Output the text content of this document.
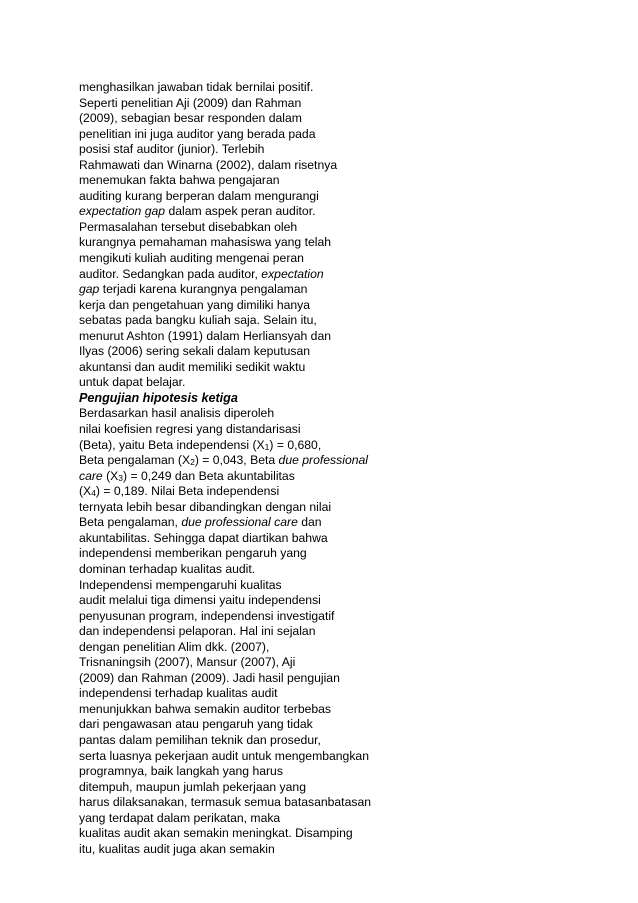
menghasilkan jawaban tidak bernilai positif.
Seperti penelitian Aji (2009) dan Rahman
(2009), sebagian besar responden dalam
penelitian ini juga auditor yang berada pada
posisi staf auditor (junior). Terlebih
Rahmawati dan Winarna (2002), dalam risetnya
menemukan fakta bahwa pengajaran
auditing kurang berperan dalam mengurangi
expectation gap dalam aspek peran auditor.
Permasalahan tersebut disebabkan oleh
kurangnya pemahaman mahasiswa yang telah
mengikuti kuliah auditing mengenai peran
auditor. Sedangkan pada auditor, expectation
gap terjadi karena kurangnya pengalaman
kerja dan pengetahuan yang dimiliki hanya
sebatas pada bangku kuliah saja. Selain itu,
menurut Ashton (1991) dalam Herliansyah dan
Ilyas (2006) sering sekali dalam keputusan
akuntansi dan audit memiliki sedikit waktu
untuk dapat belajar.
Pengujian hipotesis ketiga
Berdasarkan hasil analisis diperoleh
nilai koefisien regresi yang distandarisasi
(Beta), yaitu Beta independensi (X1) = 0,680,
Beta pengalaman (X2) = 0,043, Beta due professional
care (X3) = 0,249 dan Beta akuntabilitas
(X4) = 0,189. Nilai Beta independensi
ternyata lebih besar dibandingkan dengan nilai
Beta pengalaman, due professional care dan
akuntabilitas. Sehingga dapat diartikan bahwa
independensi memberikan pengaruh yang
dominan terhadap kualitas audit.
Independensi mempengaruhi kualitas
audit melalui tiga dimensi yaitu independensi
penyusunan program, independensi investigatif
dan independensi pelaporan. Hal ini sejalan
dengan penelitian Alim dkk. (2007),
Trisnaningsih (2007), Mansur (2007), Aji
(2009) dan Rahman (2009). Jadi hasil pengujian
independensi terhadap kualitas audit
menunjukkan bahwa semakin auditor terbebas
dari pengawasan atau pengaruh yang tidak
pantas dalam pemilihan teknik dan prosedur,
serta luasnya pekerjaan audit untuk mengembangkan
programnya, baik langkah yang harus
ditempuh, maupun jumlah pekerjaan yang
harus dilaksanakan, termasuk semua batasanbatasan
yang terdapat dalam perikatan, maka
kualitas audit akan semakin meningkat. Disamping
itu, kualitas audit juga akan semakin
